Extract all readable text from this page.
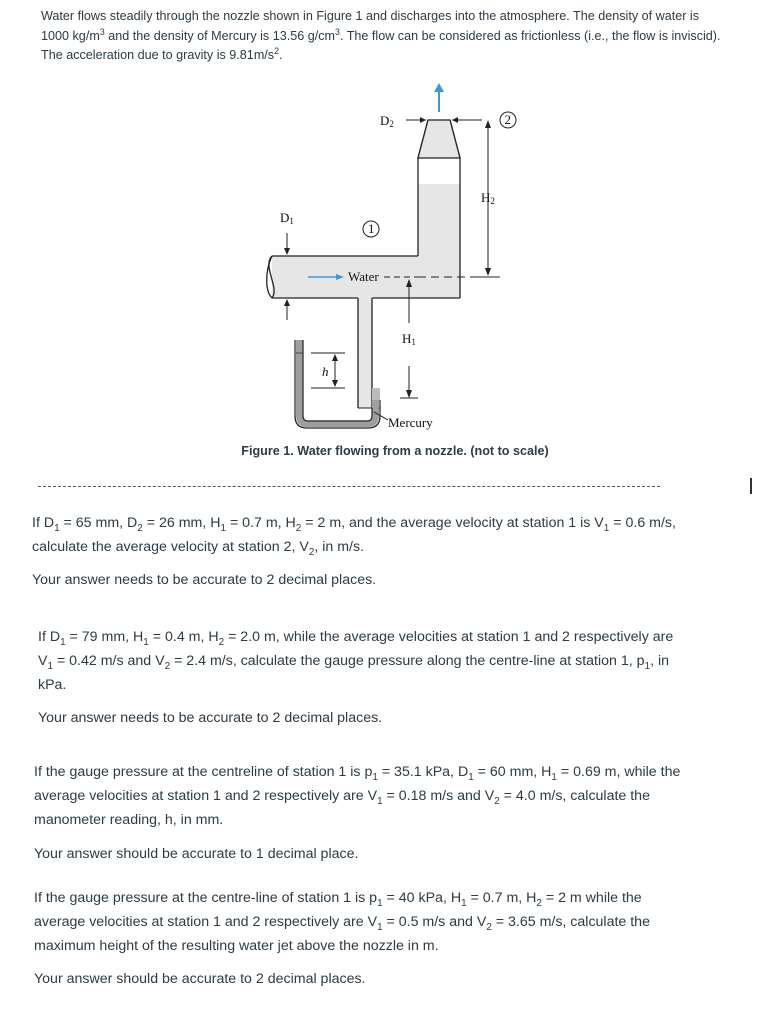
Water flows steadily through the nozzle shown in Figure 1 and discharges into the atmosphere. The density of water is
1000 $kg/m^3$ and the density of Mercury is 13.56 $g/cm^3$. The flow can be considered as frictionless (i.e., the flow is inviscid).
The acceleration due to gravity is $9.81m/s^2$.

D2	2
H2
D1	1
Water
H1
h
Mercury
Figure 1. Water flowing from a nozzle. (not to scale)

If $D_1 = 65$ mm, $D_2 = 26$ mm, $H_1 = 0.7$ m, $H_2 = 2$ m, and the average velocity at station 1 is $V_1 = 0.6$ m/s,
calculate the average velocity at station 2, $V_2$, in m/s.

Your answer needs to be accurate to 2 decimal places.

If $D_1 = 79$ mm, $H_1 = 0.4$ m, $H_2 = 2.0$ m, while the average velocities at station 1 and 2 respectively are
$V_1 = 0.42$ m/s and $V_2 = 2.4$ m/s, calculate the gauge pressure along the centre-line at station 1, $p_1$, in
kPa.

Your answer needs to be accurate to 2 decimal places.

If the gauge pressure at the centreline of station 1 is $p_1 = 35.1$ kPa, $D_1 = 60$ mm, $H_1 = 0.69$ m, while the
average velocities at station 1 and 2 respectively are $V_1 = 0.18$ m/s and $V_2 = 4.0$ m/s, calculate the
manometer reading, h, in mm.

Your answer should be accurate to 1 decimal place.

If the gauge pressure at the centre-line of station 1 is $p_1 = 40$ kPa, $H_1 = 0.7$ m, $H_2 = 2$ m while the
average velocities at station 1 and 2 respectively are $V_1 = 0.5$ m/s and $V_2 = 3.65$ m/s, calculate the
maximum height of the resulting water jet above the nozzle in m.

Your answer should be accurate to 2 decimal places.
